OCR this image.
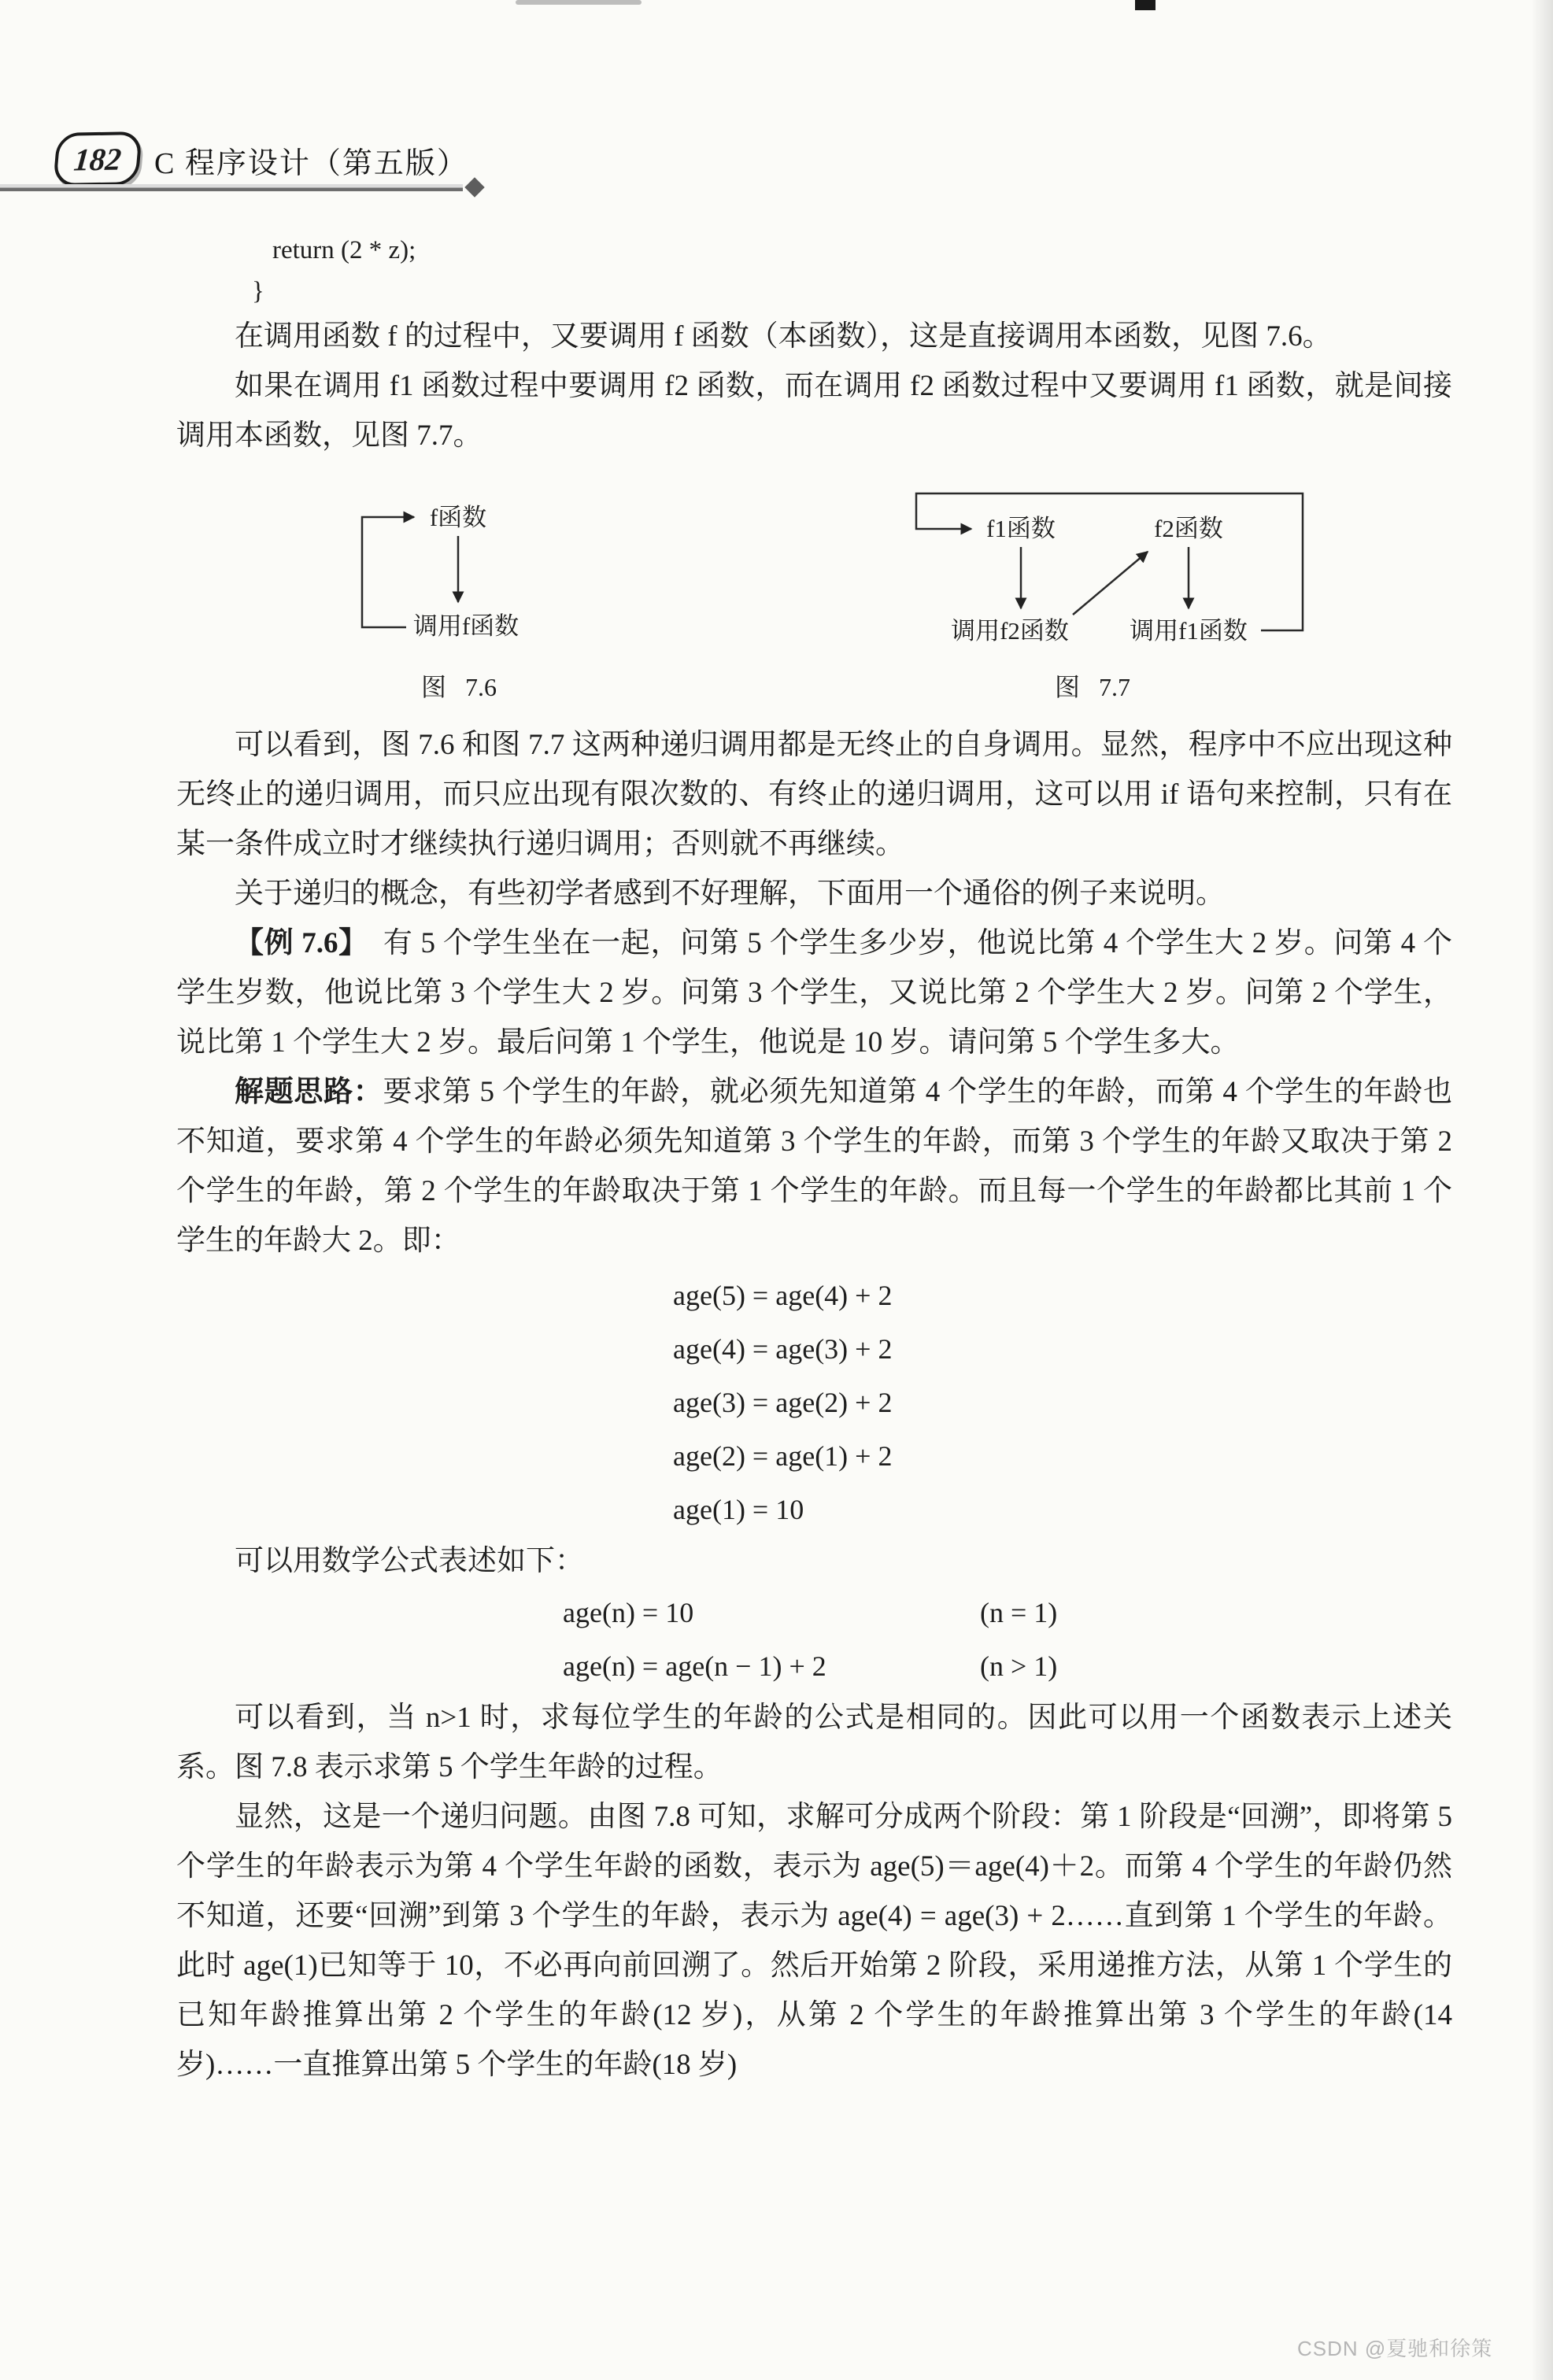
182 C 程序设计（第五版）
return (2 * z);
}

在调用函数 f 的过程中，又要调用 f 函数（本函数），这是直接调用本函数，见图 7.6。

如果在调用 f1 函数过程中要调用 f2 函数，而在调用 f2 函数过程中又要调用 f1 函数，就是间接调用本函数，见图 7.7。

f函数
调用f函数
图 7.6
f1函数	f2函数
调用f2函数 调用f1函数
图 7.7

可以看到，图 7.6 和图 7.7 这两种递归调用都是无终止的自身调用。显然，程序中不应出现这种无终止的递归调用，而只应出现有限次数的、有终止的递归调用，这可以用 if 语句来控制，只有在某一条件成立时才继续执行递归调用；否则就不再继续。

关于递归的概念，有些初学者感到不好理解，下面用一个通俗的例子来说明。

【例 7.6】　有 5 个学生坐在一起，问第 5 个学生多少岁，他说比第 4 个学生大 2 岁。问第 4 个学生岁数，他说比第 3 个学生大 2 岁。问第 3 个学生，又说比第 2 个学生大 2 岁。问第 2 个学生，说比第 1 个学生大 2 岁。最后问第 1 个学生，他说是 10 岁。请问第 5 个学生多大。

解题思路：要求第 5 个学生的年龄，就必须先知道第 4 个学生的年龄，而第 4 个学生的年龄也不知道，要求第 4 个学生的年龄必须先知道第 3 个学生的年龄，而第 3 个学生的年龄又取决于第 2 个学生的年龄，第 2 个学生的年龄取决于第 1 个学生的年龄。而且每一个学生的年龄都比其前 1 个学生的年龄大 2。即：

age(5) = age(4) + 2
age(4) = age(3) + 2
age(3) = age(2) + 2
age(2) = age(1) + 2
age(1) = 10

可以用数学公式表述如下：

age(n) = 10	(n = 1)
age(n) = age(n − 1) + 2	(n > 1)

可以看到，当 n>1 时，求每位学生的年龄的公式是相同的。因此可以用一个函数表示上述关系。图 7.8 表示求第 5 个学生年龄的过程。

显然，这是一个递归问题。由图 7.8 可知，求解可分成两个阶段：第 1 阶段是“回溯”，即将第 5 个学生的年龄表示为第 4 个学生年龄的函数，表示为 age(5)＝age(4)＋2。而第 4 个学生的年龄仍然不知道，还要“回溯”到第 3 个学生的年龄，表示为 age(4) = age(3) + 2……直到第 1 个学生的年龄。此时 age(1)已知等于 10，不必再向前回溯了。然后开始第 2 阶段，采用递推方法，从第 1 个学生的已知年龄推算出第 2 个学生的年龄(12 岁)，从第 2 个学生的年龄推算出第 3 个学生的年龄(14 岁)……一直推算出第 5 个学生的年龄(18 岁)

CSDN @夏驰和徐策
